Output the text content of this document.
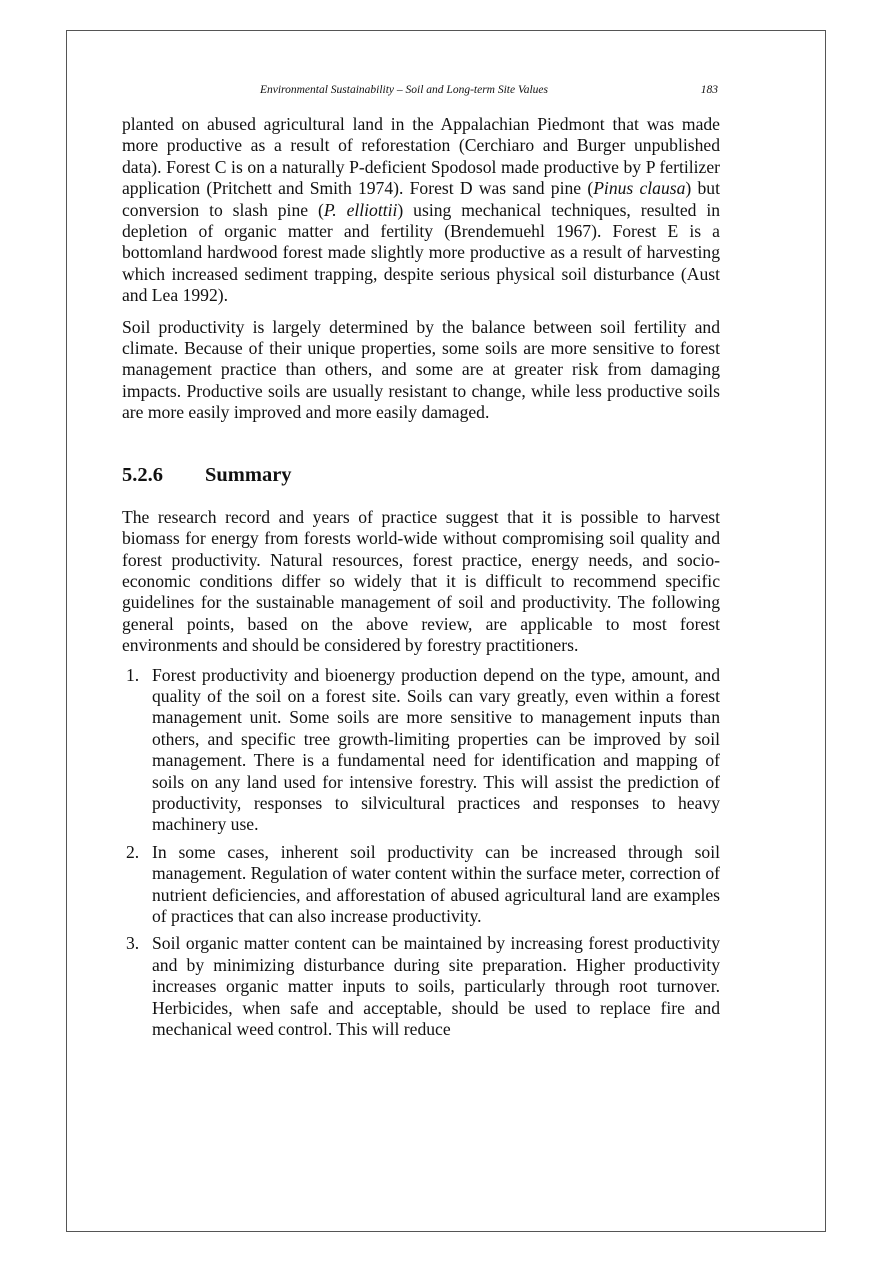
Environmental Sustainability – Soil and Long-term Site Values	183

planted on abused agricultural land in the Appalachian Piedmont that was made more productive as a result of reforestation (Cerchiaro and Burger unpublished data). Forest C is on a naturally P-deficient Spodosol made productive by P fertilizer application (Pritchett and Smith 1974). Forest D was sand pine (Pinus clausa) but conversion to slash pine (P. elliottii) using mechanical techniques, resulted in depletion of organic matter and fertility (Brendemuehl 1967). Forest E is a bottomland hardwood forest made slightly more productive as a result of harvesting which increased sediment trapping, despite serious physical soil disturbance (Aust and Lea 1992).

Soil productivity is largely determined by the balance between soil fertility and climate. Because of their unique properties, some soils are more sensitive to forest management practice than others, and some are at greater risk from damaging impacts. Productive soils are usually resistant to change, while less productive soils are more easily improved and more easily damaged.

5.2.6 Summary

The research record and years of practice suggest that it is possible to harvest biomass for energy from forests world-wide without compromising soil quality and forest productivity. Natural resources, forest practice, energy needs, and socio-economic conditions differ so widely that it is difficult to recommend specific guidelines for the sustainable management of soil and productivity. The following general points, based on the above review, are applicable to most forest environments and should be considered by forestry practitioners.

1. Forest productivity and bioenergy production depend on the type, amount, and quality of the soil on a forest site. Soils can vary greatly, even within a forest management unit. Some soils are more sensitive to management inputs than others, and specific tree growth-limiting properties can be improved by soil management. There is a fundamental need for identification and mapping of soils on any land used for intensive forestry. This will assist the prediction of productivity, responses to silvicultural practices and responses to heavy machinery use.
2. In some cases, inherent soil productivity can be increased through soil management. Regulation of water content within the surface meter, correction of nutrient deficiencies, and afforestation of abused agricultural land are examples of practices that can also increase productivity.
3. Soil organic matter content can be maintained by increasing forest productivity and by minimizing disturbance during site preparation. Higher productivity increases organic matter inputs to soils, particularly through root turnover. Herbicides, when safe and acceptable, should be used to replace fire and mechanical weed control. This will reduce
